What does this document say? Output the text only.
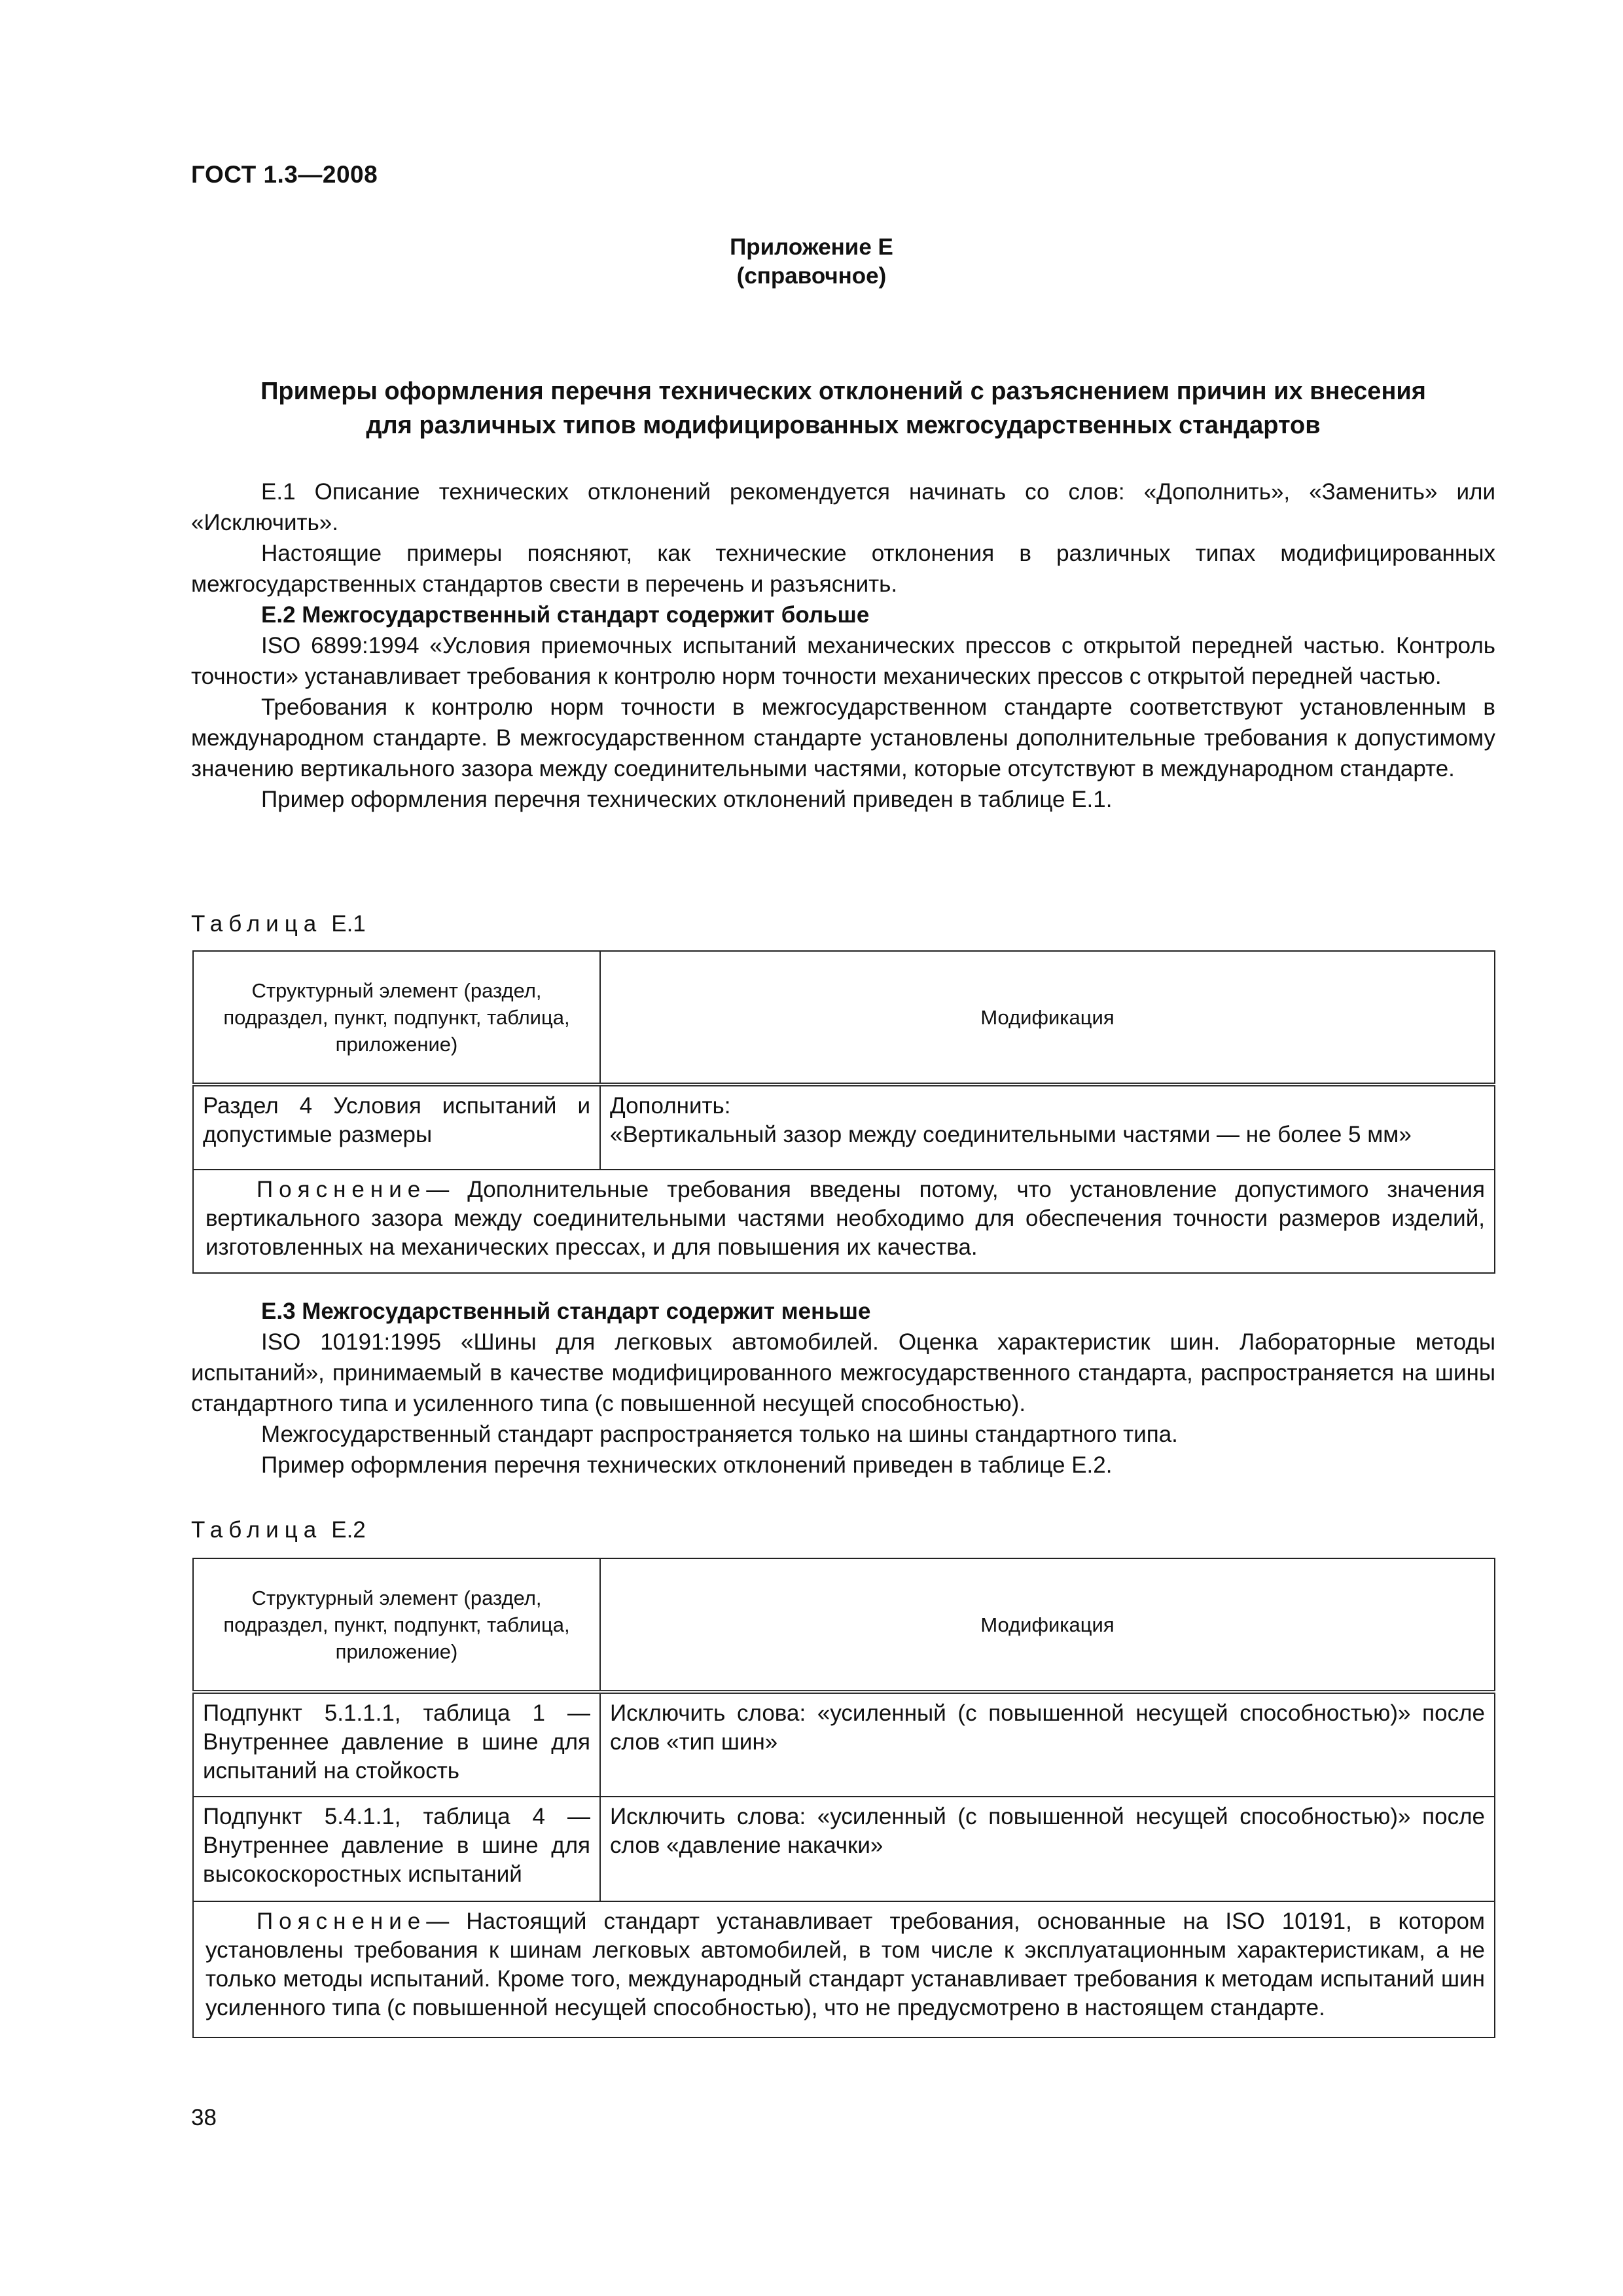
ГОСТ 1.3—2008
Приложение Е
(справочное)
Примеры оформления перечня технических отклонений с разъяснением причин их внесения
для различных типов модифицированных межгосударственных стандартов

Е.1 Описание технических отклонений рекомендуется начинать со слов: «Дополнить», «Заменить» или «Исключить».

Настоящие примеры поясняют, как технические отклонения в различных типах модифицированных межгосударственных стандартов свести в перечень и разъяснить.

Е.2 Межгосударственный стандарт содержит больше

ISO 6899:1994 «Условия приемочных испытаний механических прессов с открытой передней частью. Контроль точности» устанавливает требования к контролю норм точности механических прессов с открытой передней частью.

Требования к контролю норм точности в межгосударственном стандарте соответствуют установленным в международном стандарте. В межгосударственном стандарте установлены дополнительные требования к допустимому значению вертикального зазора между соединительными частями, которые отсутствуют в международном стандарте.

Пример оформления перечня технических отклонений приведен в таблице Е.1.

Таблица Е.1
Структурный элемент (раздел, подраздел, пункт, подпункт, таблица, приложение)	Модификация
Раздел 4 Условия испытаний и допустимые размеры	Дополнить:
«Вертикальный зазор между соединительными частями — не более 5 мм»

Пояснение— Дополнительные требования введены потому, что установление допустимого значения вертикального зазора между соединительными частями необходимо для обеспечения точности размеров изделий, изготовленных на механических прессах, и для повышения их качества.	

Е.3 Межгосударственный стандарт содержит меньше

ISO 10191:1995 «Шины для легковых автомобилей. Оценка характеристик шин. Лабораторные методы испытаний», принимаемый в качестве модифицированного межгосударственного стандарта, распространяется на шины стандартного типа и усиленного типа (с повышенной несущей способностью).

Межгосударственный стандарт распространяется только на шины стандартного типа.

Пример оформления перечня технических отклонений приведен в таблице Е.2.

Таблица Е.2
Структурный элемент (раздел, подраздел, пункт, подпункт, таблица, приложение)	Модификация
Подпункт 5.1.1.1, таблица 1 — Внутреннее давление в шине для испытаний на стойкость	Исключить слова: «усиленный (с повышенной несущей способностью)» после слов «тип шин»
Подпункт 5.4.1.1, таблица 4 — Внутреннее давление в шине для высокоскоростных испытаний	Исключить слова: «усиленный (с повышенной несущей способностью)» после слов «давление накачки»
Пояснение— Настоящий стандарт устанавливает требования, основанные на ISO 10191, в котором установлены требования к шинам легковых автомобилей, в том числе к эксплуатационным характеристикам, а не только методы испытаний. Кроме того, международный стандарт устанавливает требования к методам испытаний шин усиленного типа (с повышенной несущей способностью), что не предусмотрено в настоящем стандарте.	
38
